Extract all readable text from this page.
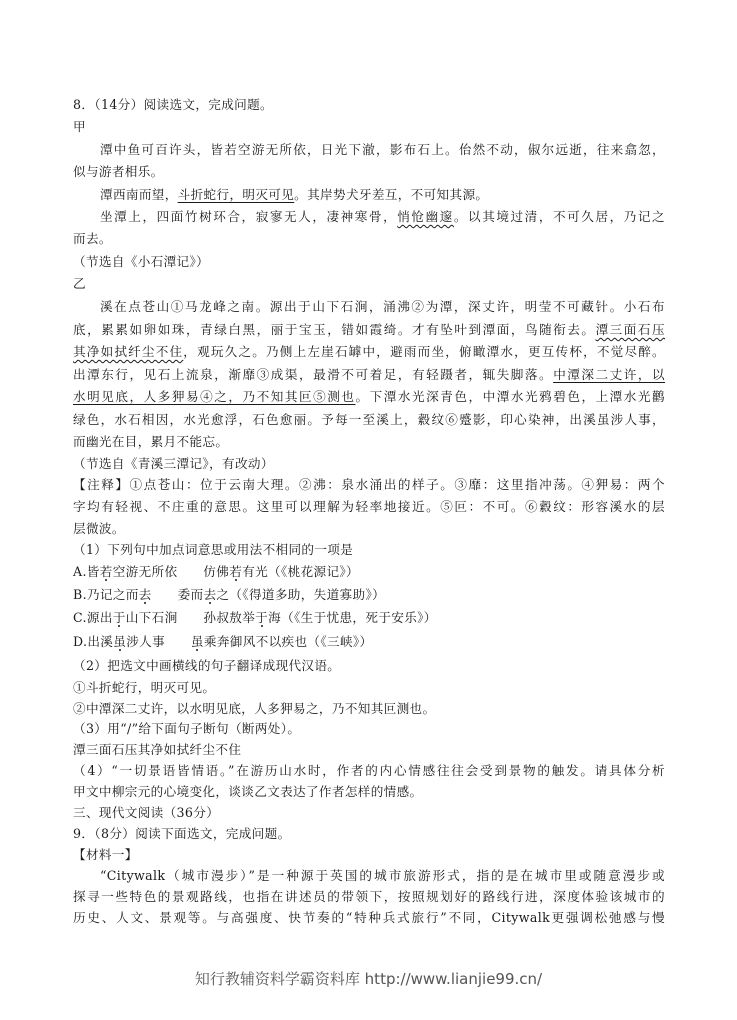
8．（14分）阅读选文，完成问题。
甲
潭中鱼可百许头，皆若空游无所依，日光下澈，影布石上。佁然不动，俶尔远逝，往来翕忽，
似与游者相乐。
潭西南而望，斗折蛇行，明灭可见。其岸势犬牙差互，不可知其源。
坐潭上，四面竹树环合，寂寥无人，凄神寒骨，悄怆幽邃。以其境过清，不可久居，乃记之
而去。
（节选自《小石潭记》）
乙
溪在点苍山①马龙峰之南。源出于山下石涧，涌沸②为潭，深丈许，明莹不可藏针。小石布
底，累累如卵如珠，青绿白黑，丽于宝玉，错如霞绮。才有坠叶到潭面，鸟随衔去。潭三面石压
其净如拭纤尘不住，观玩久之。乃侧上左崖石罅中，避雨而坐，俯瞰潭水，更互传杯，不觉尽醉。
出潭东行，见石上流泉，渐靡③成渠，最滑不可着足，有轻蹑者，辄失脚落。中潭深二丈许，以
水明见底，人多狎易④之，乃不知其叵⑤测也。下潭水光深青色，中潭水光鸦碧色，上潭水光鹳
绿色，水石相因，水光愈浮，石色愈丽。予每一至溪上，縠纹⑥蹙影，印心染神，出溪虽涉人事，
而幽光在目，累月不能忘。
（节选自《青溪三潭记》，有改动）
【注释】①点苍山：位于云南大理。②沸：泉水涌出的样子。③靡：这里指冲荡。④狎易：两个
字均有轻视、不庄重的意思。这里可以理解为轻率地接近。⑤叵：不可。⑥縠纹：形容溪水的层
层微波。
（1）下列句中加点词意思或用法不相同的一项是
A.皆若空游无所依　　仿佛若有光（《桃花源记》）
B.乃记之而去　　委而去之（《得道多助，失道寡助》）
C.源出于山下石涧　　孙叔敖举于海（《生于忧患，死于安乐》）
D.出溪虽涉人事　　虽乘奔御风不以疾也（《三峡》）
（2）把选文中画横线的句子翻译成现代汉语。
①斗折蛇行，明灭可见。
②中潭深二丈许，以水明见底，人多狎易之，乃不知其叵测也。
（3）用“/”给下面句子断句（断两处）。
潭三面石压其净如拭纤尘不住
（4）“一切景语皆情语。”在游历山水时，作者的内心情感往往会受到景物的触发。请具体分析
甲文中柳宗元的心境变化，谈谈乙文表达了作者怎样的情感。
三、现代文阅读（36分）
9．（8分）阅读下面选文，完成问题。
【材料一】
“Citywalk（城市漫步）”是一种源于英国的城市旅游形式，指的是在城市里或随意漫步或
探寻一些特色的景观路线，也指在讲述员的带领下，按照规划好的路线行进，深度体验该城市的
历史、人文、景观等。与高强度、快节奏的“特种兵式旅行”不同，Citywalk更强调松弛感与慢
知行教辅资料学霸资料库 http://www.lianjie99.cn/
